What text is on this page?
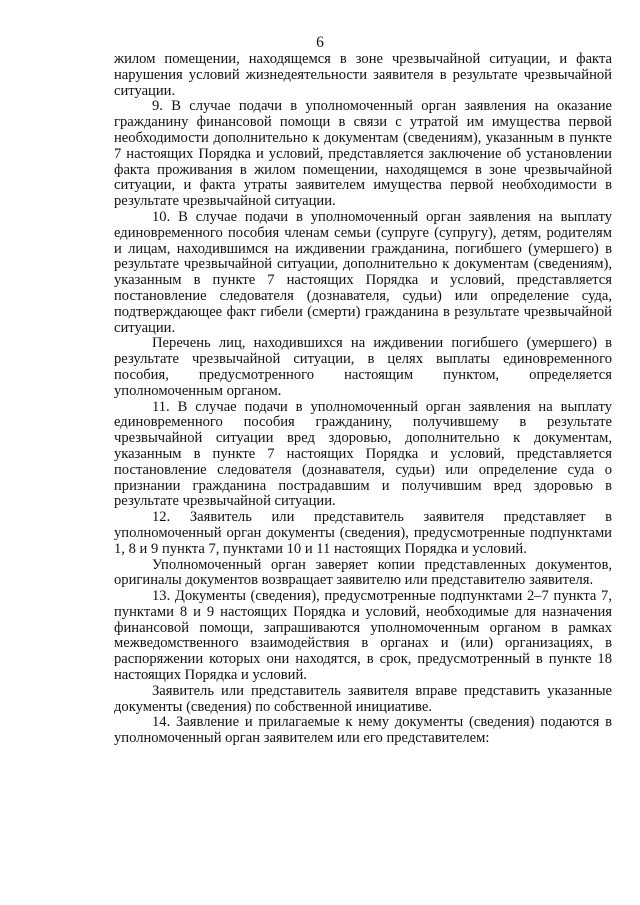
6

жилом помещении, находящемся в зоне чрезвычайной ситуации, и факта нарушения условий жизнедеятельности заявителя в результате чрезвычайной ситуации.

9. В случае подачи в уполномоченный орган заявления на оказание гражданину финансовой помощи в связи с утратой им имущества первой необходимости дополнительно к документам (сведениям), указанным в пункте 7 настоящих Порядка и условий, представляется заключение об установлении факта проживания в жилом помещении, находящемся в зоне чрезвычайной ситуации, и факта утраты заявителем имущества первой необходимости в результате чрезвычайной ситуации.

10. В случае подачи в уполномоченный орган заявления на выплату единовременного пособия членам семьи (супруге (супругу), детям, родителям и лицам, находившимся на иждивении гражданина, погибшего (умершего) в результате чрезвычайной ситуации, дополнительно к документам (сведениям), указанным в пункте 7 настоящих Порядка и условий, представляется постановление следователя (дознавателя, судьи) или определение суда, подтверждающее факт гибели (смерти) гражданина в результате чрезвычайной ситуации.

Перечень лиц, находившихся на иждивении погибшего (умершего) в результате чрезвычайной ситуации, в целях выплаты единовременного пособия, предусмотренного настоящим пунктом, определяется уполномоченным органом.

11. В случае подачи в уполномоченный орган заявления на выплату единовременного пособия гражданину, получившему в результате чрезвычайной ситуации вред здоровью, дополнительно к документам, указанным в пункте 7 настоящих Порядка и условий, представляется постановление следователя (дознавателя, судьи) или определение суда о признании гражданина пострадавшим и получившим вред здоровью в результате чрезвычайной ситуации.

12. Заявитель или представитель заявителя представляет в уполномоченный орган документы (сведения), предусмотренные подпунктами 1, 8 и 9 пункта 7, пунктами 10 и 11 настоящих Порядка и условий.

Уполномоченный орган заверяет копии представленных документов, оригиналы документов возвращает заявителю или представителю заявителя.

13. Документы (сведения), предусмотренные подпунктами 2–7 пункта 7, пунктами 8 и 9 настоящих Порядка и условий, необходимые для назначения финансовой помощи, запрашиваются уполномоченным органом в рамках межведомственного взаимодействия в органах и (или) организациях, в распоряжении которых они находятся, в срок, предусмотренный в пункте 18 настоящих Порядка и условий.

Заявитель или представитель заявителя вправе представить указанные документы (сведения) по собственной инициативе.

14. Заявление и прилагаемые к нему документы (сведения) подаются в уполномоченный орган заявителем или его представителем:
